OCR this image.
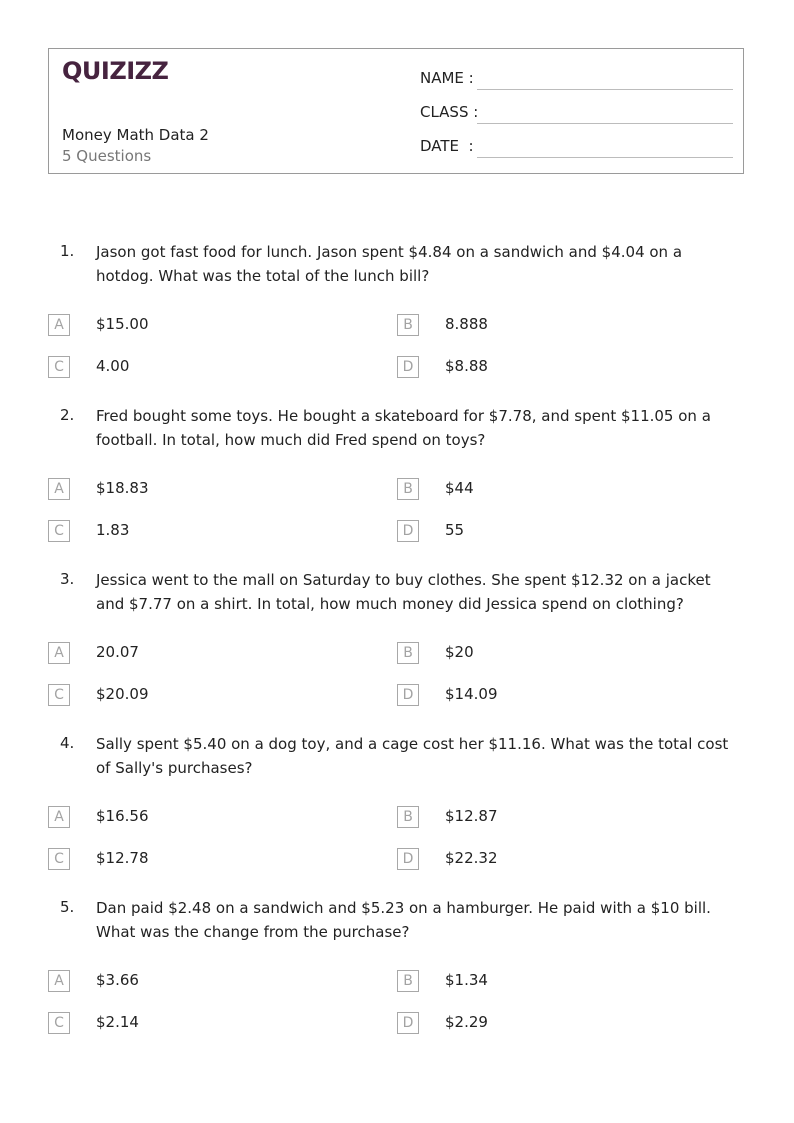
QUIZIZZ
Money Math Data 2
5 Questions
NAME :
CLASS :
DATE  :
1. Jason got fast food for lunch. Jason spent $4.84 on a sandwich and $4.04 on a hotdog. What was the total of the lunch bill?
A	$15.00	B	8.888
C	4.00	D	$8.88
2. Fred bought some toys. He bought a skateboard for $7.78, and spent $11.05 on a football. In total, how much did Fred spend on toys?
A	$18.83	B	$44
C	1.83	D	55
3. Jessica went to the mall on Saturday to buy clothes. She spent $12.32 on a jacket and $7.77 on a shirt. In total, how much money did Jessica spend on clothing?
A	20.07	B	$20
C	$20.09	D	$14.09
4. Sally spent $5.40 on a dog toy, and a cage cost her $11.16. What was the total cost of Sally's purchases?
A	$16.56	B	$12.87
C	$12.78	D	$22.32
5. Dan paid $2.48 on a sandwich and $5.23 on a hamburger. He paid with a $10 bill. What was the change from the purchase?
A	$3.66	B	$1.34
C	$2.14	D	$2.29
